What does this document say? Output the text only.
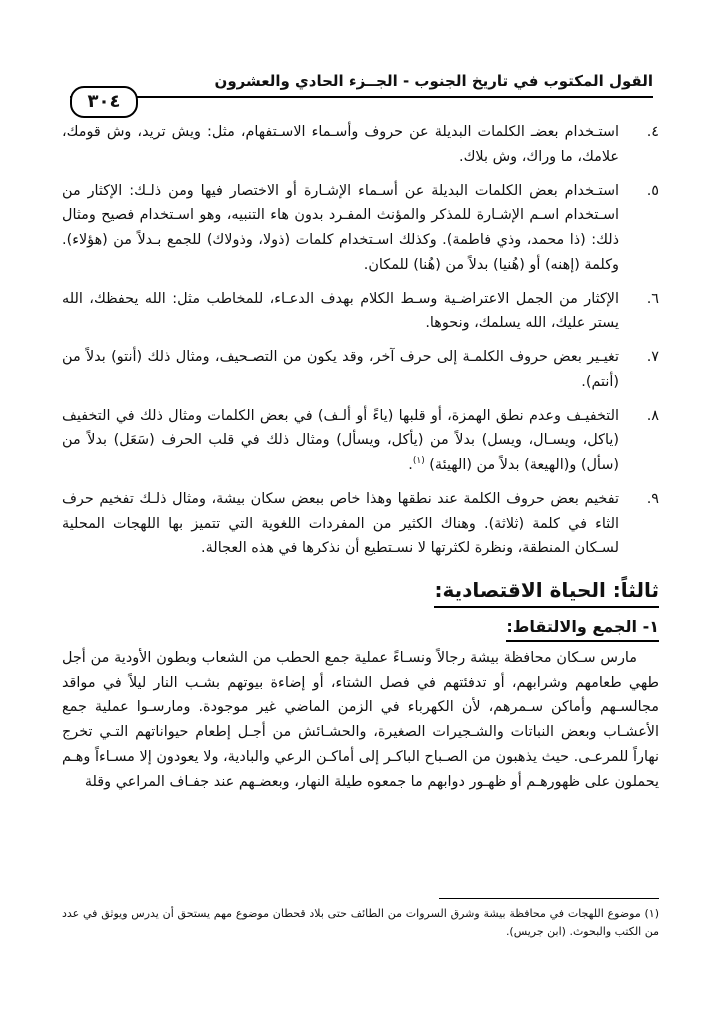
القول المكتوب في تاريخ الجنوب - الجــزء الحادي والعشرون
٣٠٤
٤.
استـخدام بعضـ الكلمات البديلة عن حروف وأسـماء الاسـتفهام، مثل: ويش تريد، وش قومك، علامك، ما وراك، وش بلاك.
٥.
استـخدام بعض الكلمات البديلة عن أسـماء الإشـارة أو الاختصار فيها ومن ذلـك: الإكثار من اسـتخدام اسـم الإشـارة للمذكر والمؤنث المفـرد بدون هاء التنبيه، وهو اسـتخدام فصيح ومثال ذلك: (ذا محمد، وذي فاطمة). وكذلك اسـتخدام كلمات (ذولا، وذولاك) للجمع بـدلاً من (هؤلاء). وكلمة (إهنه) أو (هُنيا) بدلاً من (هُنا) للمكان.
٦.
الإكثار من الجمل الاعتراضـية وسـط الكلام بهدف الدعـاء، للمخاطب مثل: الله يحفظك، الله يستر عليك، الله يسلمك، ونحوها.
٧.
تغيـير بعض حروف الكلمـة إلى حرف آخر، وقد يكون من التصـحيف، ومثال ذلك (أنتو) بدلاً من (أنتم).
٨.
التخفيـف وعدم نطق الهمزة، أو قلبها (ياءً أو ألـف) في بعض الكلمات ومثال ذلك في التخفيف (ياكل، ويسـال، ويسل) بدلاً من (يأكل، ويسأل) ومثال ذلك في قلب الحرف (سَعَل) بدلاً من (سأل) و(الهيعة) بدلاً من (الهيئة) $^{(١)}$.
٩.
تفخيم بعض حروف الكلمة عند نطقها وهذا خاص ببعض سكان بيشة، ومثال ذلـك تفخيم حرف الثاء في كلمة (ثلاثة). وهناك الكثير من المفردات اللغوية التي تتميز بها اللهجات المحلية لسـكان المنطقة، ونظرة لكثرتها لا نسـتطيع أن نذكرها في هذه العجالة.
ثالثاً: الحياة الاقتصادية:
١- الجمع والالتقاط:

مارس سـكان محافظة بيشة رجالاً ونسـاءً عملية جمع الحطب من الشعاب وبطون الأودية من أجل طهي طعامهم وشرابهم، أو تدفئتهم في فصل الشتاء، أو إضاءة بيوتهم بشـب النار ليلاً في مواقد مجالسـهم وأماكن سـمرهم، لأن الكهرباء في الزمن الماضي غير موجودة. ومارسـوا عملية جمع الأعشـاب وبعض النباتات والشـجيرات الصغيرة، والحشـائش من أجـل إطعام حيواناتهم التـي تخرج نهاراً للمرعـى. حيث يذهبون من الصـباح الباكـر إلى أماكـن الرعي والبادية، ولا يعودون إلا مسـاءاً وهـم يحملون على ظهورهـم أو ظهـور دوابهم ما جمعوه طيلة النهار، وبعضـهم عند جفـاف المراعي وقلة

(١) موضوع اللهجات في محافظة بيشة وشرق السروات من الطائف حتى بلاد قحطان موضوع مهم يستحق أن يدرس ويوثق في عدد من الكتب والبحوث. (ابن جريس).
